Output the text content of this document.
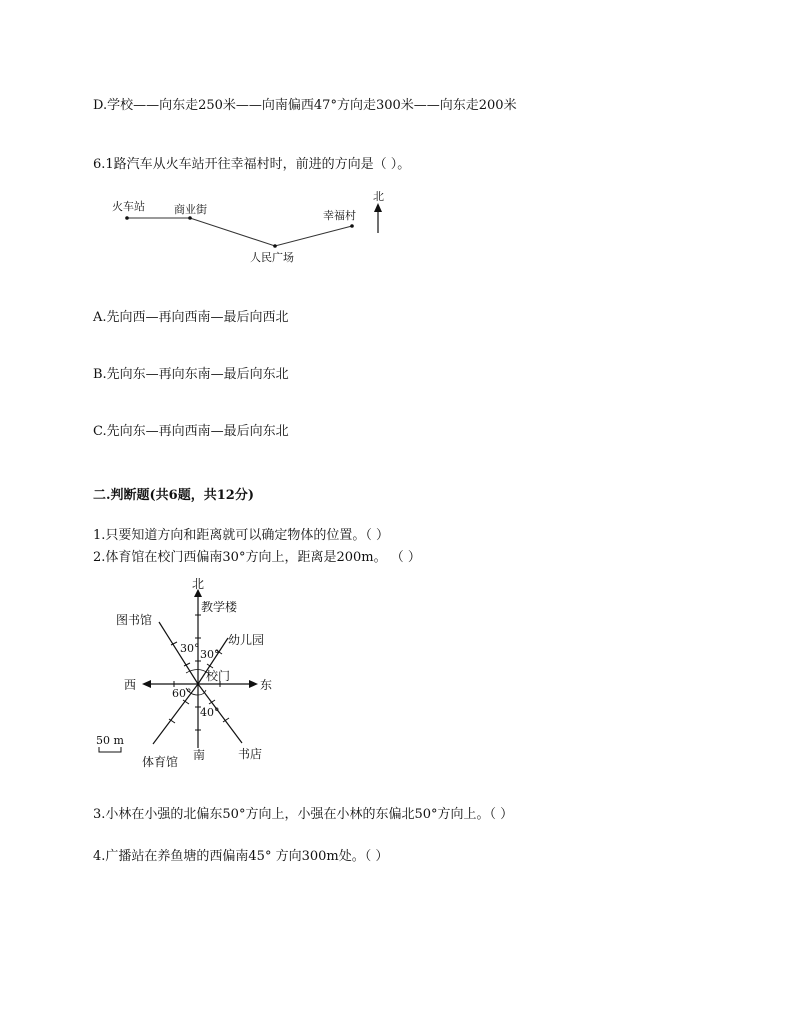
D.学校——向东走250米——向南偏西47°方向走300米——向东走200米
6.1路汽车从火车站开往幸福村时，前进的方向是（ ）。
火车站	商业街
人民广场
幸福村
北
A.先向西—再向西南—最后向西北
B.先向东—再向东南—最后向东北
C.先向东—再向西南—最后向东北
二.判断题(共6题，共12分)
1.只要知道方向和距离就可以确定物体的位置。（ ）
2.体育馆在校门西偏南30°方向上，距离是200m。 （ ）
北
南
西	东
校门
教学楼
幼儿园
图书馆
体育馆
书店
30° 30°
60°
40°
50 m
3.小林在小强的北偏东50°方向上，小强在小林的东偏北50°方向上。（ ）
4.广播站在养鱼塘的西偏南45° 方向300m处。（ ）
